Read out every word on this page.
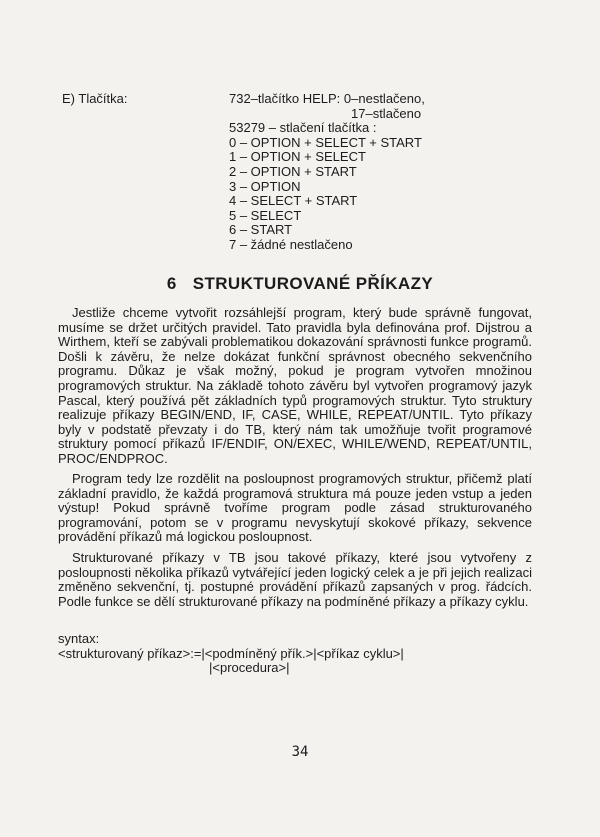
E) Tlačítka:	732–tlačítko HELP: 0–nestlačeno,
17–stlačeno
53279 – stlačení tlačítka :
0 – OPTION + SELECT + START
1 – OPTION + SELECT
2 – OPTION + START
3 – OPTION
4 – SELECT + START
5 – SELECT
6 – START
7 – žádné nestlačeno
6 STRUKTUROVANÉ PŘÍKAZY

Jestliže chceme vytvořit rozsáhlejší program, který bude správně fungovat, musíme se držet určitých pravidel. Tato pravidla byla definována prof. Dijstrou a Wirthem, kteří se zabývali problematikou dokazování správnosti funkce programů. Došli k závěru, že nelze dokázat funkční správnost obecného sekvenčního programu. Důkaz je však možný, pokud je program vytvořen množinou programových struktur. Na základě tohoto závěru byl vytvořen programový jazyk Pascal, který používá pět základních typů programových struktur. Tyto struktury realizuje příkazy BEGIN/END, IF, CASE, WHILE, REPEAT/UNTIL. Tyto příkazy byly v podstatě převzaty i do TB, který nám tak umožňuje tvořit programové struktury pomocí příkazů IF/ENDIF, ON/EXEC, WHILE/WEND, REPEAT/UNTIL, PROC/ENDPROC.

Program tedy lze rozdělit na posloupnost programových struktur, přičemž platí základní pravidlo, že každá programová struktura má pouze jeden vstup a jeden výstup! Pokud správně tvoříme program podle zásad strukturovaného programování, potom se v programu nevyskytují skokové příkazy, sekvence provádění příkazů má logickou posloupnost.

Strukturované příkazy v TB jsou takové příkazy, které jsou vytvořeny z posloupnosti několika příkazů vytvářející jeden logický celek a je při jejich realizaci změněno sekvenční, tj. postupné provádění příkazů zapsaných v prog. řádcích. Podle funkce se dělí strukturované příkazy na podmíněné příkazy a příkazy cyklu.

syntax:
<strukturovaný příkaz>:=|<podmíněný přík.>|<příkaz cyklu>|
|<procedura>|
34
